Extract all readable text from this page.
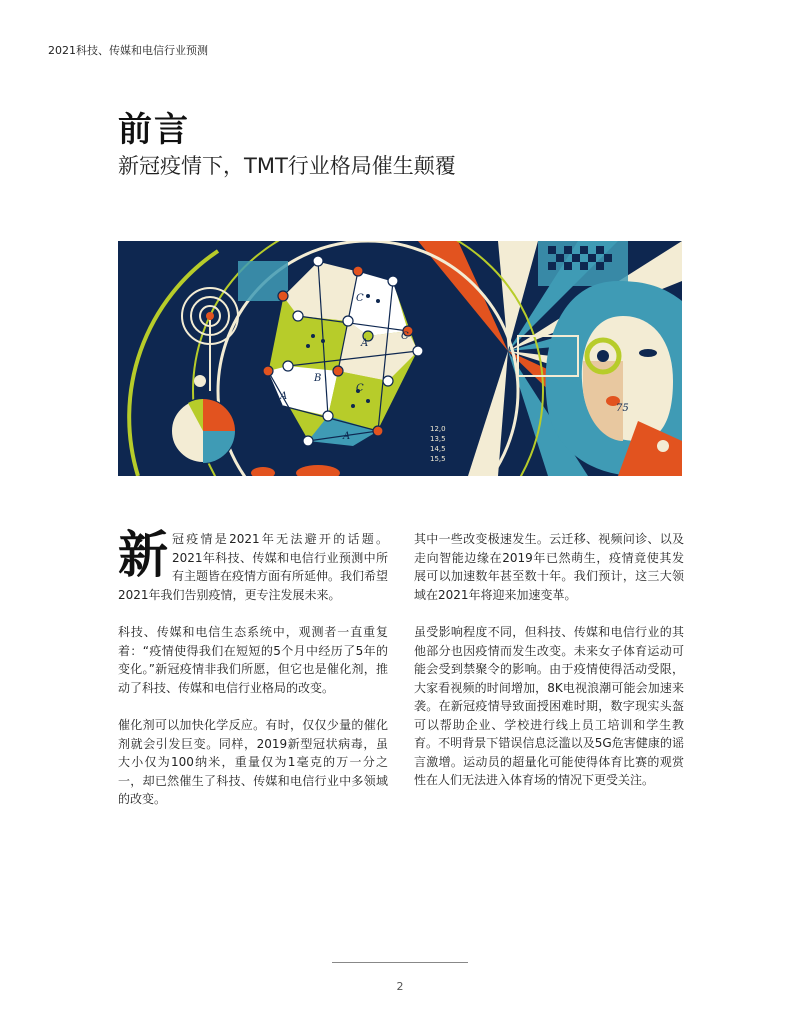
2021科技、传媒和电信行业预测
前言
新冠疫情下，TMT行业格局催生颠覆
12,0
13,5
14,5
15,5
C
C
A
B
A
C
A
75

新 冠疫情是2021年无法避开的话题。2021年科技、传媒和电信行业预测中所有主题皆在疫情方面有所延伸。我们希望2021年我们告别疫情，更专注发展未来。

科技、传媒和电信生态系统中，观测者一直重复着：“疫情使得我们在短短的5个月中经历了5年的变化。”新冠疫情非我们所愿，但它也是催化剂，推动了科技、传媒和电信行业格局的改变。

催化剂可以加快化学反应。有时，仅仅少量的催化剂就会引发巨变。同样，2019新型冠状病毒，虽大小仅为100纳米，重量仅为1毫克的万一分之一，却已然催生了科技、传媒和电信行业中多领域的改变。

其中一些改变极速发生。云迁移、视频问诊、以及走向智能边缘在2019年已然萌生，疫情竟使其发展可以加速数年甚至数十年。我们预计，这三大领域在2021年将迎来加速变革。

虽受影响程度不同，但科技、传媒和电信行业的其他部分也因疫情而发生改变。未来女子体育运动可能会受到禁聚令的影响。由于疫情使得活动受限，大家看视频的时间增加，8K电视浪潮可能会加速来袭。在新冠疫情导致面授困难时期，数字现实头盔可以帮助企业、学校进行线上员工培训和学生教育。不明背景下错误信息泛滥以及5G危害健康的谣言激增。运动员的超量化可能使得体育比赛的观赏性在人们无法进入体育场的情况下更受关注。

2
